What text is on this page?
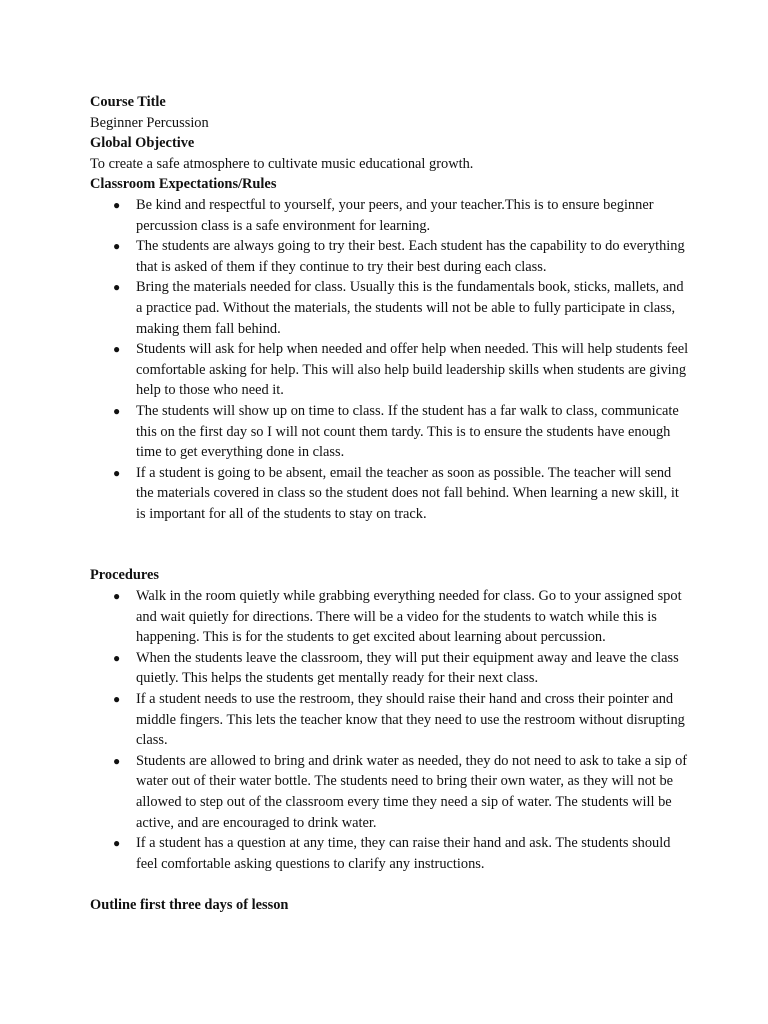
Course Title

Beginner Percussion

Global Objective

To create a safe atmosphere to cultivate music educational growth.

Classroom Expectations/Rules

● Be kind and respectful to yourself, your peers, and your teacher.This is to ensure beginner percussion class is a safe environment for learning.
● The students are always going to try their best. Each student has the capability to do everything that is asked of them if they continue to try their best during each class.
● Bring the materials needed for class. Usually this is the fundamentals book, sticks, mallets, and a practice pad. Without the materials, the students will not be able to fully participate in class, making them fall behind.
● Students will ask for help when needed and offer help when needed. This will help students feel comfortable asking for help. This will also help build leadership skills when students are giving help to those who need it.
● The students will show up on time to class. If the student has a far walk to class, communicate this on the first day so I will not count them tardy. This is to ensure the students have enough time to get everything done in class.
● If a student is going to be absent, email the teacher as soon as possible. The teacher will send the materials covered in class so the student does not fall behind. When learning a new skill, it is important for all of the students to stay on track.

Procedures

● Walk in the room quietly while grabbing everything needed for class. Go to your assigned spot and wait quietly for directions. There will be a video for the students to watch while this is happening. This is for the students to get excited about learning about percussion.
● When the students leave the classroom, they will put their equipment away and leave the class quietly. This helps the students get mentally ready for their next class.
● If a student needs to use the restroom, they should raise their hand and cross their pointer and middle fingers. This lets the teacher know that they need to use the restroom without disrupting class.
● Students are allowed to bring and drink water as needed, they do not need to ask to take a sip of water out of their water bottle. The students need to bring their own water, as they will not be allowed to step out of the classroom every time they need a sip of water. The students will be active, and are encouraged to drink water.
● If a student has a question at any time, they can raise their hand and ask. The students should feel comfortable asking questions to clarify any instructions.

Outline first three days of lesson
